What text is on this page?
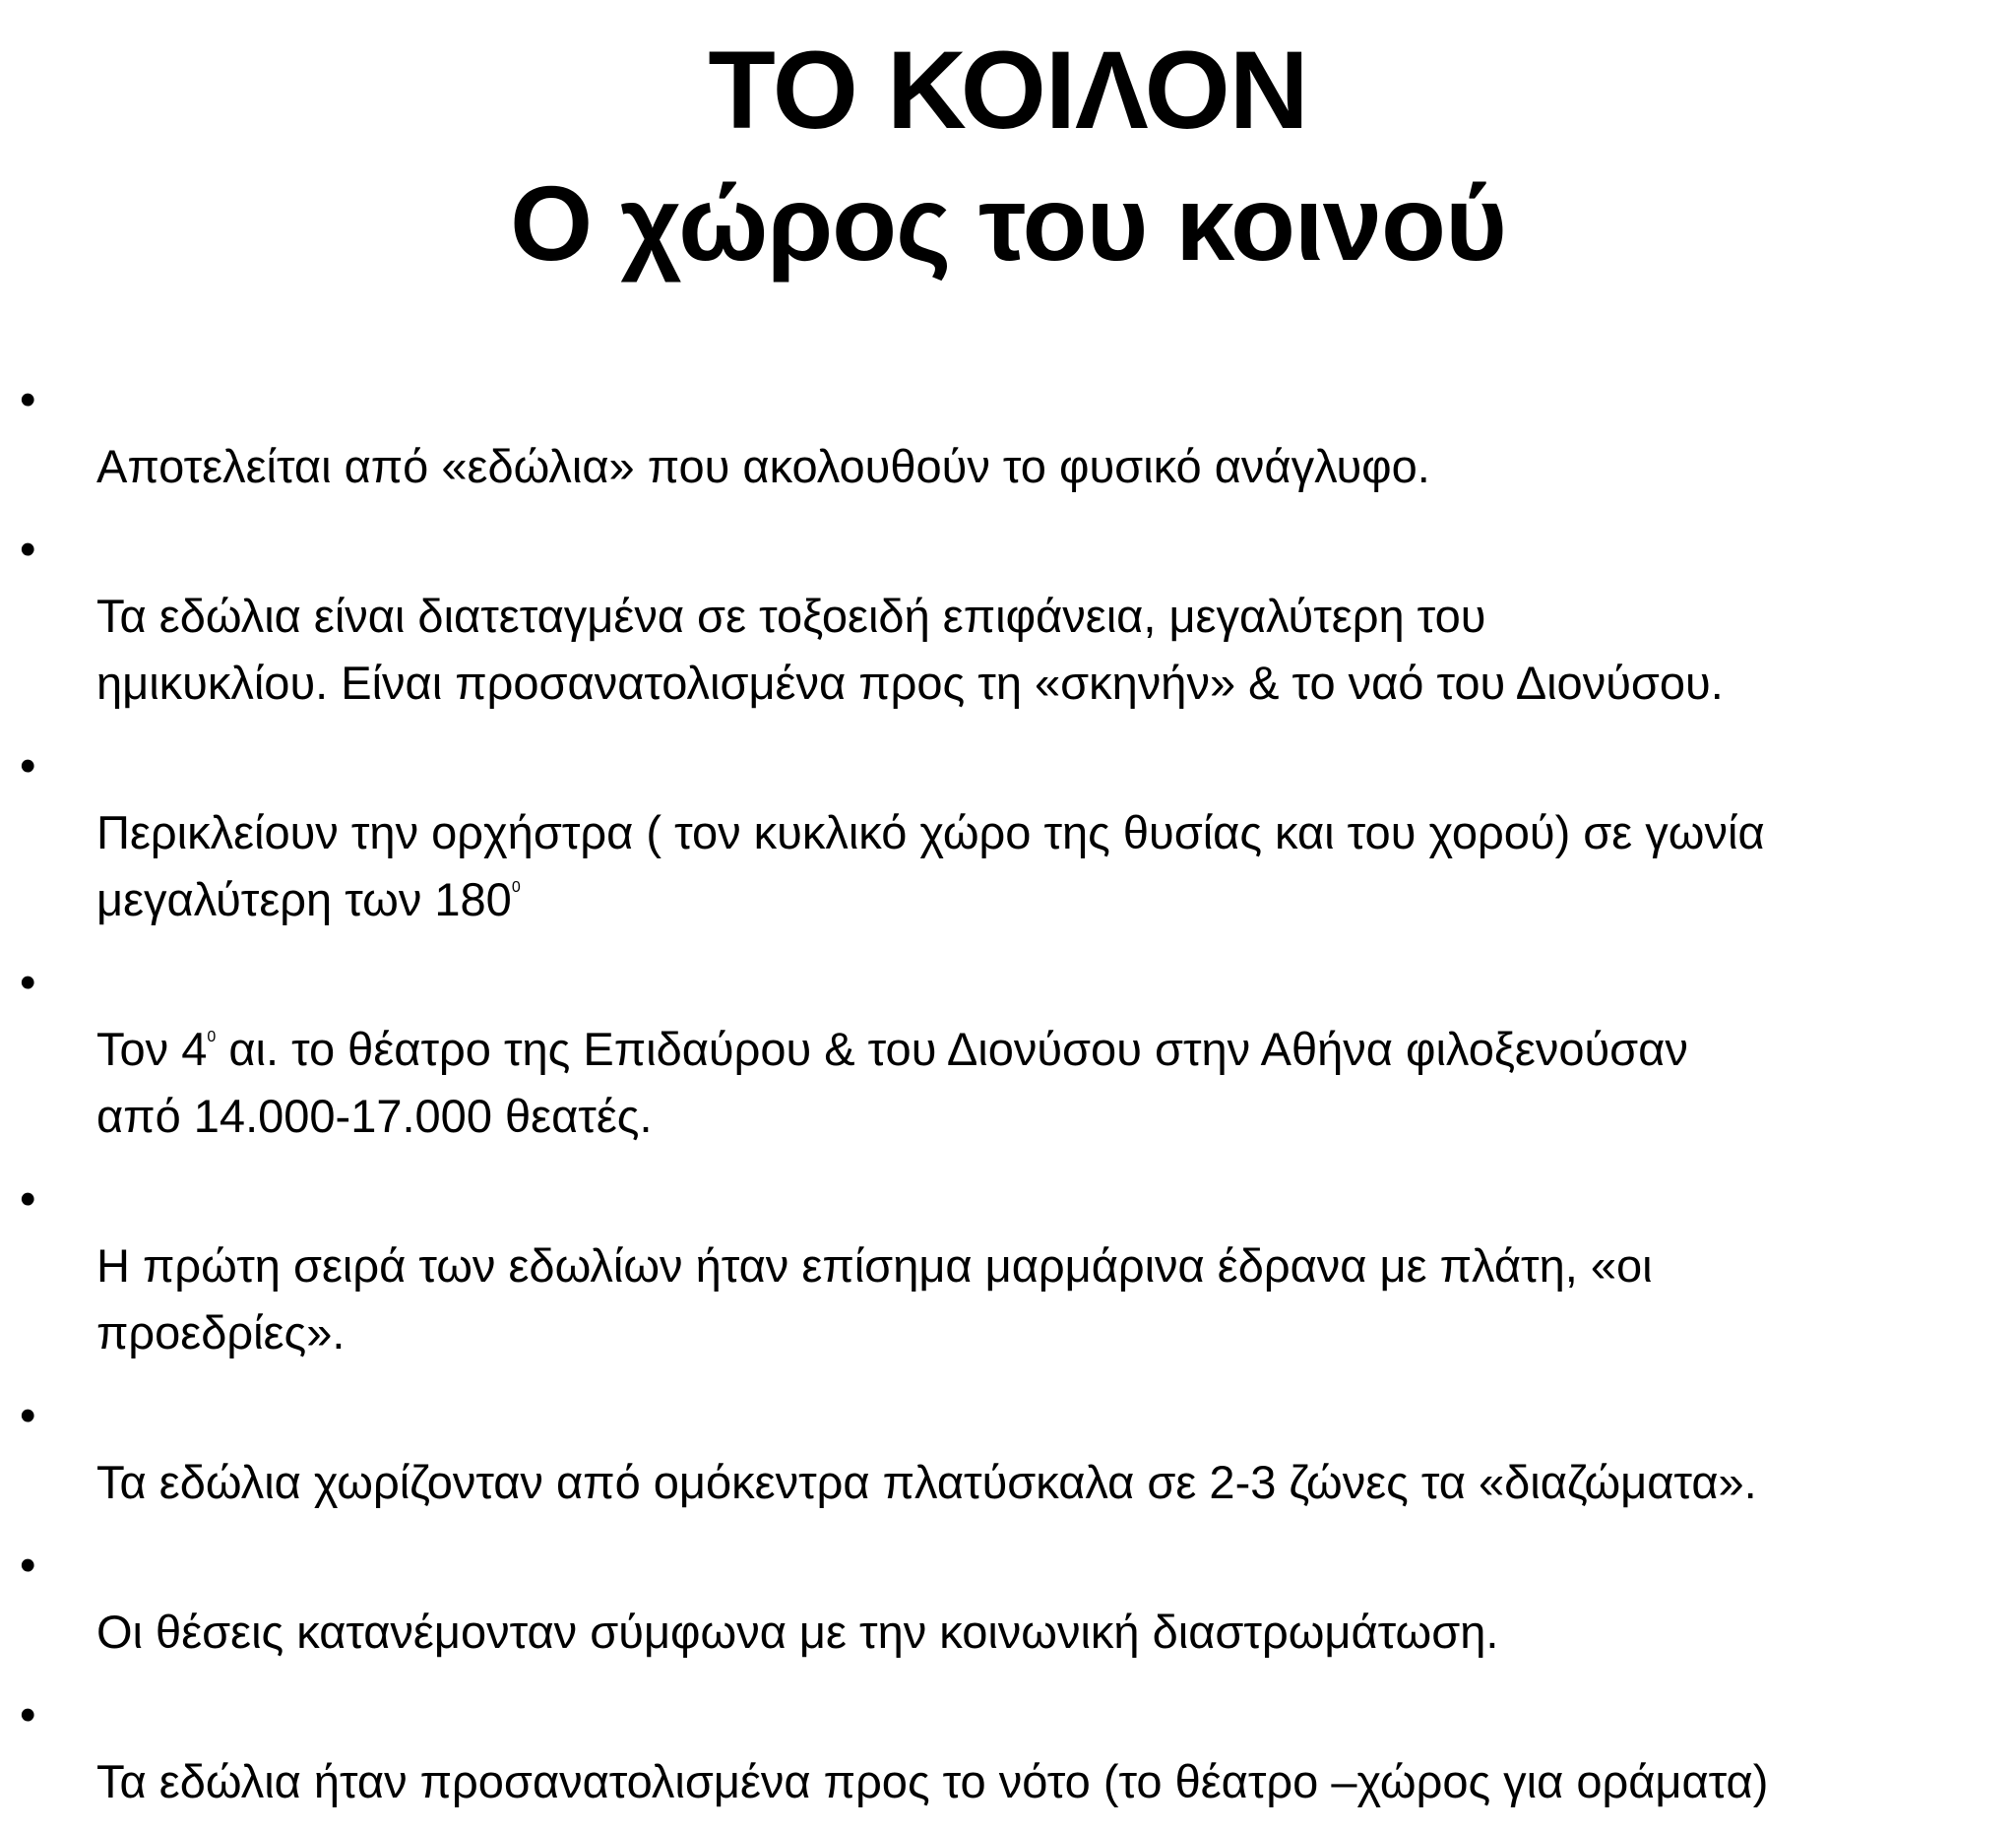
ΤΟ ΚΟΙΛΟΝ
Ο χώρος του κοινού

•
Αποτελείται από «εδώλια» που ακολουθούν το φυσικό ανάγλυφο.

•
Τα εδώλια είναι διατεταγμένα σε τοξοειδή επιφάνεια, μεγαλύτερη του
ημικυκλίου. Είναι προσανατολισμένα προς τη «σκηνήν» & το ναό του Διονύσου.

•
Περικλείουν την ορχήστρα ( τον κυκλικό χώρο της θυσίας και του χορού) σε γωνία
μεγαλύτερη των $180^0$

•
Τον $4^0$ αι. το θέατρο της Επιδαύρου & του Διονύσου στην Αθήνα φιλοξενούσαν
από 14.000-17.000 θεατές.

•
Η πρώτη σειρά των εδωλίων ήταν επίσημα μαρμάρινα έδρανα με πλάτη, «οι
προεδρίες».

•
Τα εδώλια χωρίζονταν από ομόκεντρα πλατύσκαλα σε 2-3 ζώνες τα «διαζώματα».

•
Οι θέσεις κατανέμονταν σύμφωνα με την κοινωνική διαστρωμάτωση.

•
Τα εδώλια ήταν προσανατολισμένα προς το νότο (το θέατρο –χώρος για οράματα)
